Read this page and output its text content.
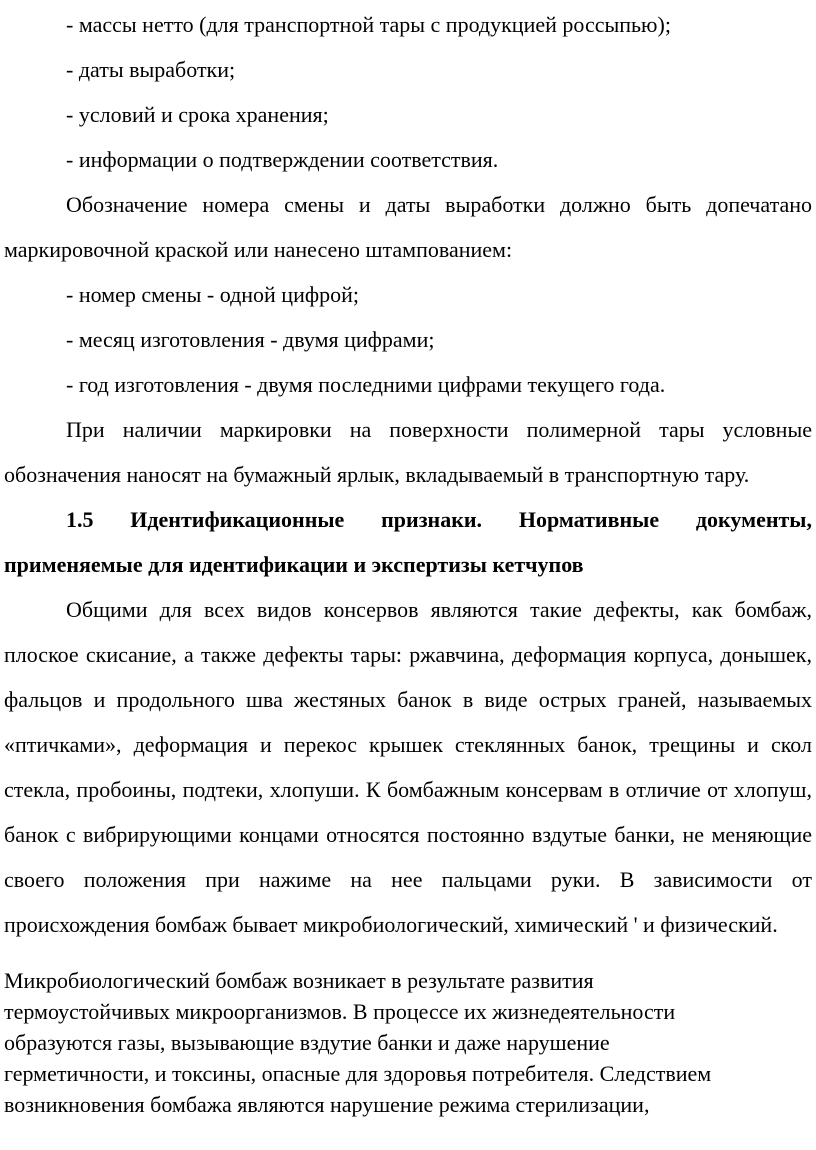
- массы нетто (для транспортной тары с продукцией россыпью);

- даты выработки;

- условий и срока хранения;

- информации о подтверждении соответствия.

Обозначение номера смены и даты выработки должно быть допечатано маркировочной краской или нанесено штампованием:

- номер смены - одной цифрой;

- месяц изготовления - двумя цифрами;

- год изготовления - двумя последними цифрами текущего года.

При наличии маркировки на поверхности полимерной тары условные обозначения наносят на бумажный ярлык, вкладываемый в транспортную тару.

1.5 Идентификационные признаки. Нормативные документы, применяемые для идентификации и экспертизы кетчупов

Общими для всех видов консервов являются такие дефекты, как бомбаж, плоское скисание, а также дефекты тары: ржавчина, деформация корпуса, донышек, фальцов и продольного шва жестяных банок в виде острых граней, называемых «птичками», деформация и перекос крышек стеклянных банок, трещины и скол стекла, пробоины, подтеки, хлопуши. К бомбажным консервам в отличие от хлопуш, банок с вибрирующими концами относятся постоянно вздутые банки, не меняющие своего положения при нажиме на нее пальцами руки. В зависимости от происхождения бомбаж бывает микробиологический, химический ' и физический.

Микробиологический бомбаж возникает в результате развития

термоустойчивых микроорганизмов. В процессе их жизнедеятельности

образуются газы, вызывающие вздутие банки и даже нарушение

герметичности, и токсины, опасные для здоровья потребителя. Следствием

возникновения бомбажа являются нарушение режима стерилизации,
